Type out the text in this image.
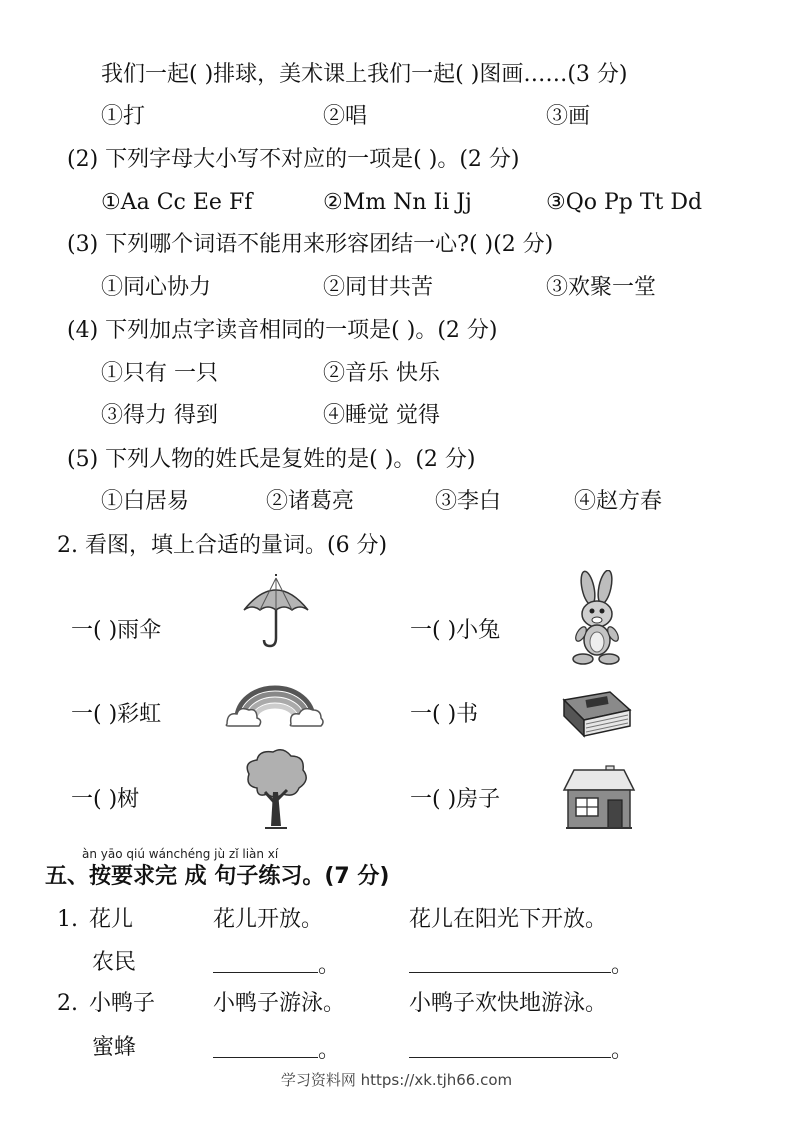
我们一起( )排球，美术课上我们一起( )图画……(3 分)
①打	②唱	③画
(2) 下列字母大小写不对应的一项是( )。(2 分)
①Aa Cc Ee Ff	②Mm Nn Ii Jj	③Qo Pp Tt Dd
(3) 下列哪个词语不能用来形容团结一心?( )(2 分)
①同心协力	②同甘共苦	③欢聚一堂
(4) 下列加点字读音相同的一项是( )。(2 分)
①只有 一只	②音乐 快乐
③得力 得到	④睡觉 觉得
(5) 下列人物的姓氏是复姓的是( )。(2 分)
①白居易	②诸葛亮	③李白	④赵方春
2. 看图，填上合适的量词。(6 分)
一( )雨伞	一( )小兔
一( )彩虹	一( )书
一( )树	一( )房子
àn yāo qiú wánchéng jù zǐ liàn xí
五、按要求完 成 句子练习。(7 分)
1. 花儿	花儿开放。	花儿在阳光下开放。
农民	。	。
2. 小鸭子	小鸭子游泳。	小鸭子欢快地游泳。
蜜蜂	。	。
学习资料网 https://xk.tjh66.com
